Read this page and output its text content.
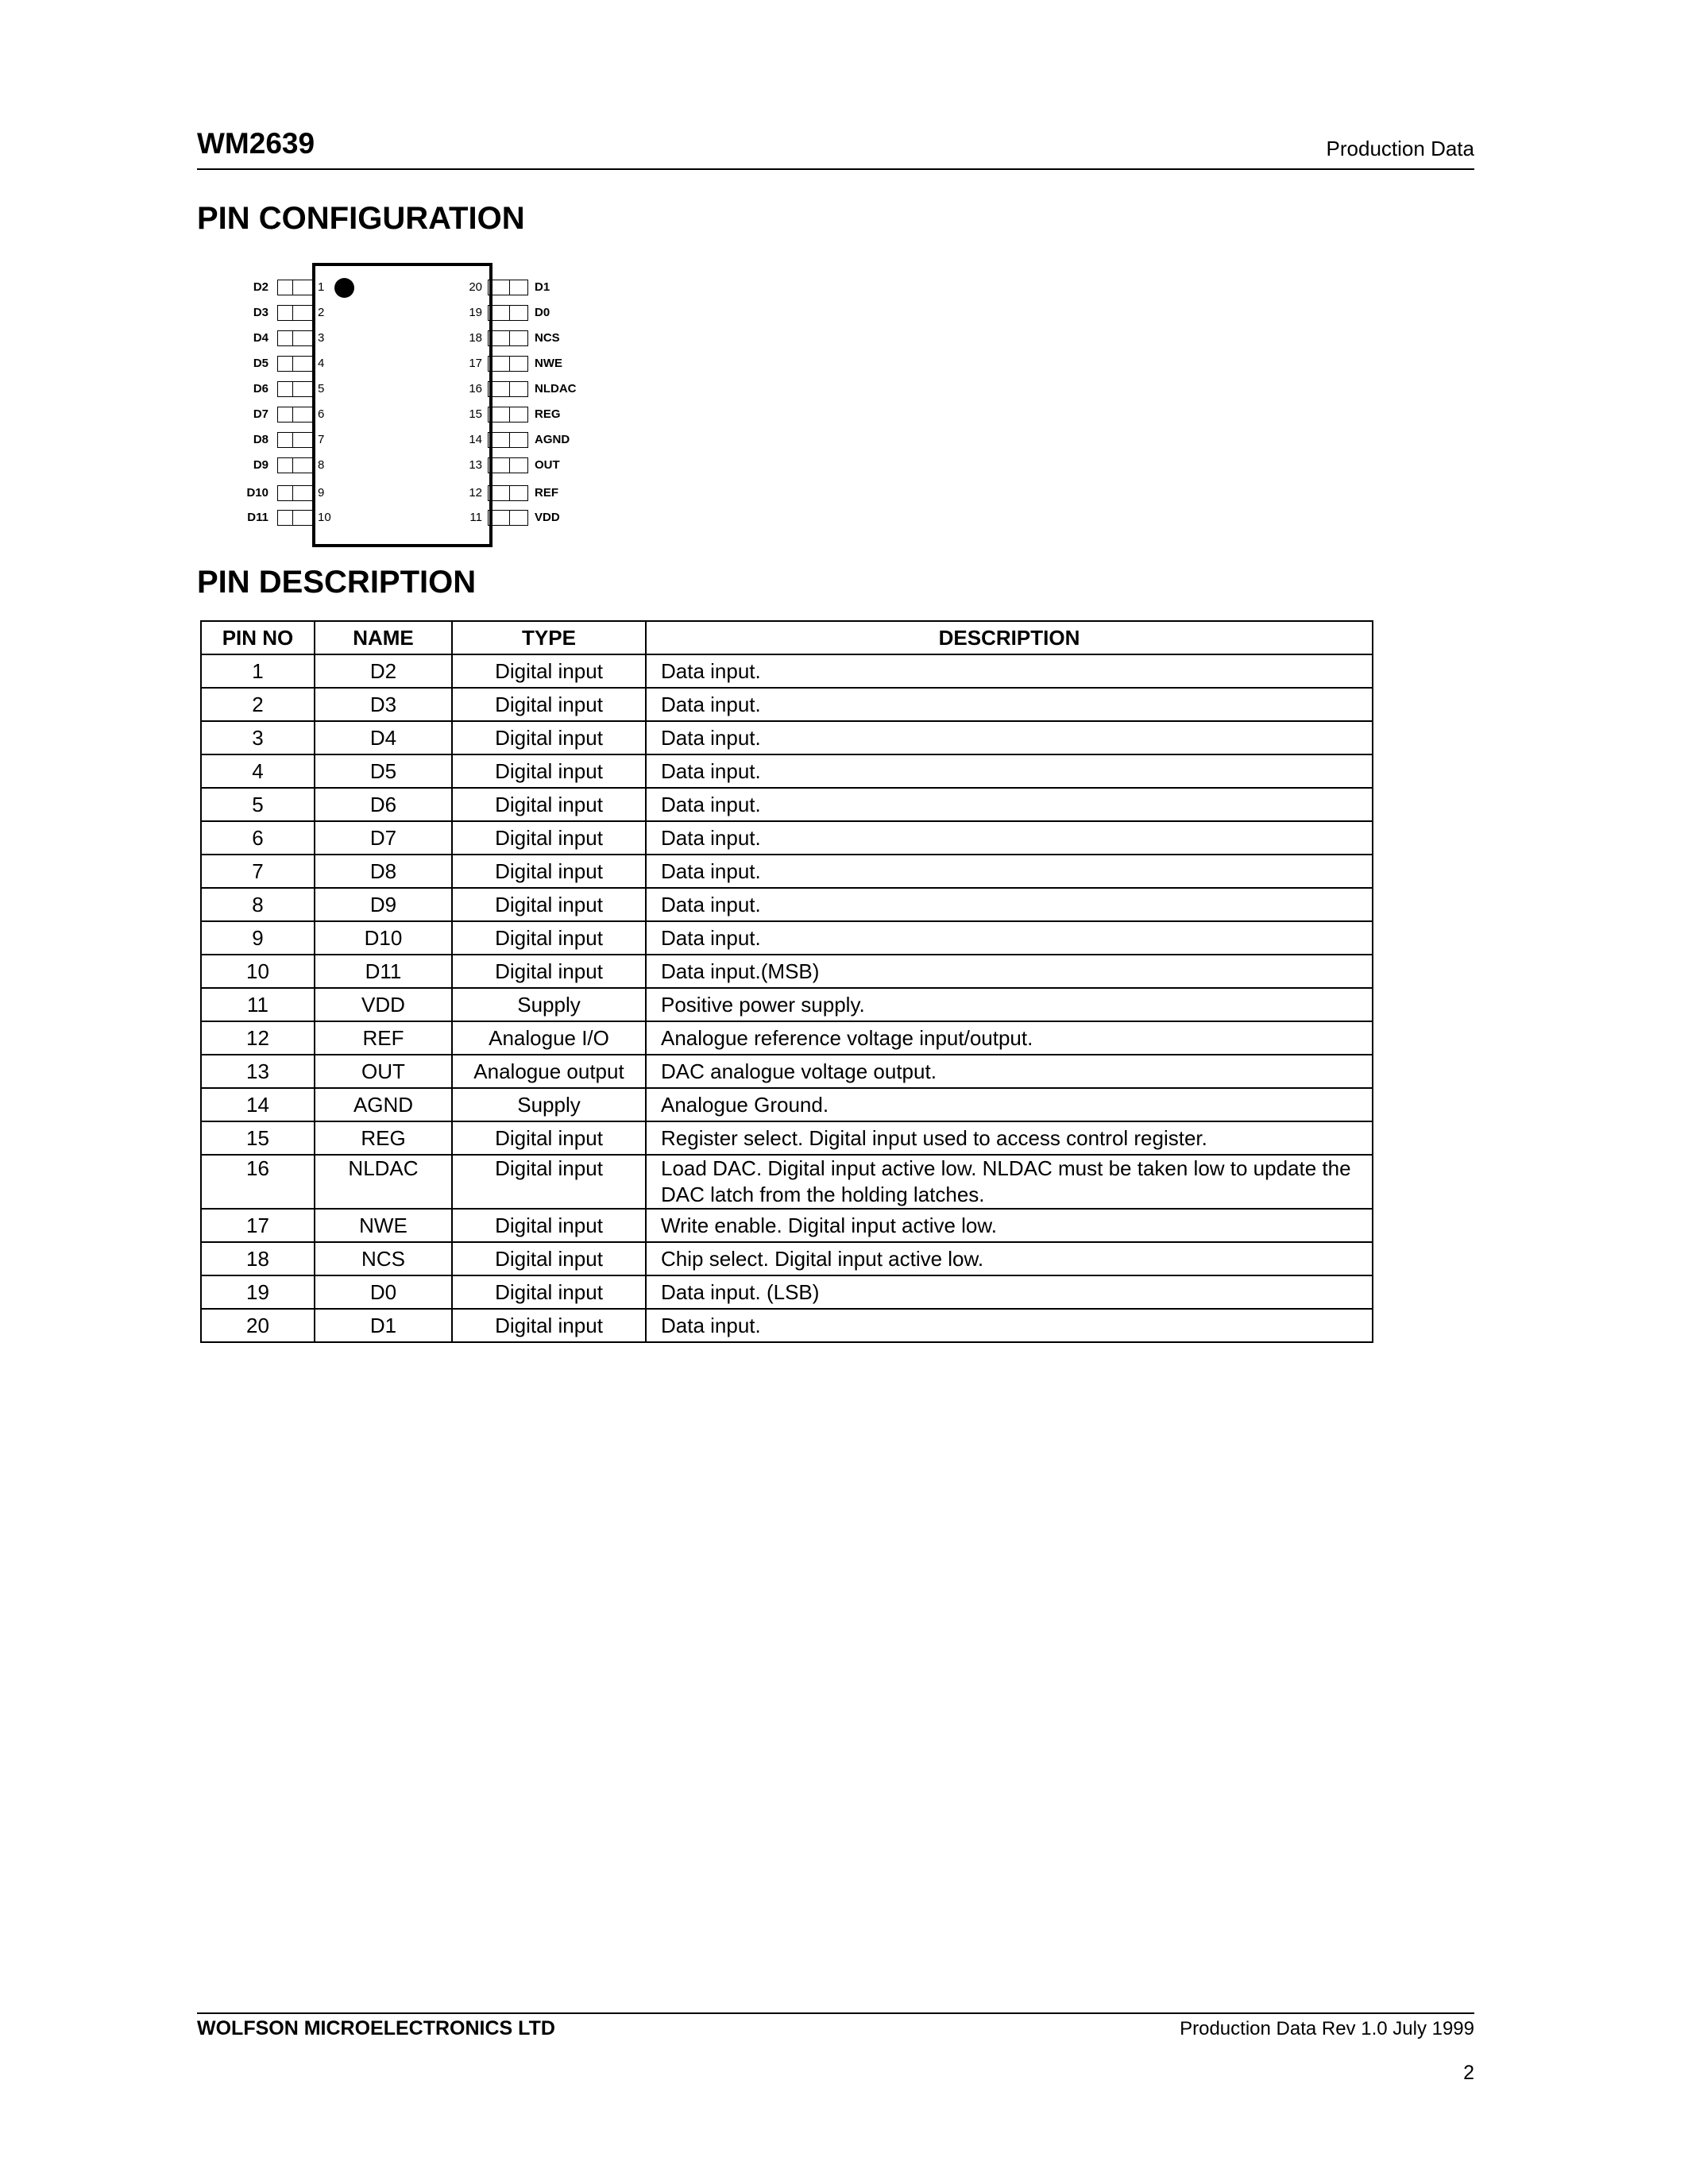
WM2639	Production Data
PIN CONFIGURATION
1
D2	20	D1
2
D3	19	D0
3
D4	18	NCS
4
D5	17	NWE
5
D6	16	NLDAC
6
D7	15	REG
7
D8	14	AGND
8
D9	13	OUT
9
D10	12	REF
10
D11	11	VDD
PIN DESCRIPTION
PIN NO	NAME	TYPE	DESCRIPTION
1	D2	Digital input	Data input.
2	D3	Digital input	Data input.
3	D4	Digital input	Data input.
4	D5	Digital input	Data input.
5	D6	Digital input	Data input.
6	D7	Digital input	Data input.
7	D8	Digital input	Data input.
8	D9	Digital input	Data input.
9	D10	Digital input	Data input.
10	D11	Digital input	Data input.(MSB)
11	VDD	Supply	Positive power supply.
12	REF	Analogue I/O	Analogue reference voltage input/output.
13	OUT	Analogue output	DAC analogue voltage output.
14	AGND	Supply	Analogue Ground.
15	REG	Digital input	Register select. Digital input used to access control register.
16	NLDAC	Digital input	Load DAC. Digital input active low. NLDAC must be taken low to update the DAC latch from the holding latches.
17	NWE	Digital input	Write enable. Digital input active low.
18	NCS	Digital input	Chip select. Digital input active low.
19	D0	Digital input	Data input. (LSB)
20	D1	Digital input	Data input.
WOLFSON MICROELECTRONICS LTD	Production Data Rev 1.0 July 1999
2
